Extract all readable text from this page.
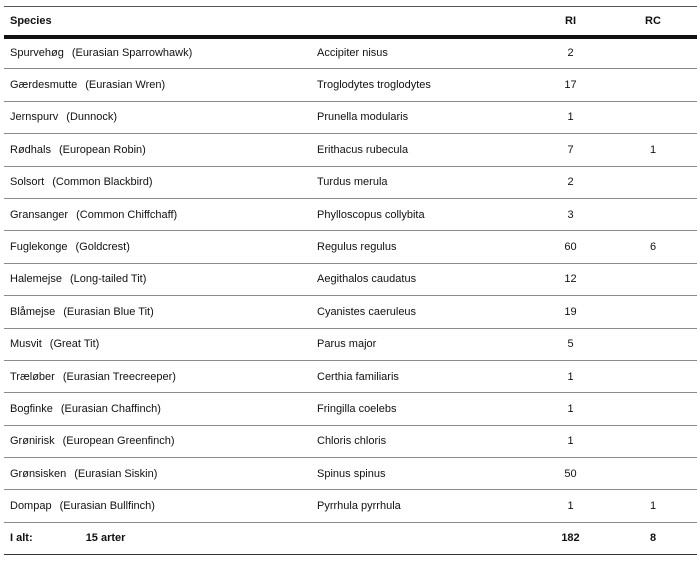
Species		RI	RC
Spurvehøg (Eurasian Sparrowhawk)	Accipiter nisus	2	
Gærdesmutte (Eurasian Wren)	Troglodytes troglodytes	17	
Jernspurv (Dunnock)	Prunella modularis	1	
Rødhals (European Robin)	Erithacus rubecula	7	1
Solsort (Common Blackbird)	Turdus merula	2	
Gransanger (Common Chiffchaff)	Phylloscopus collybita	3	
Fuglekonge (Goldcrest)	Regulus regulus	60	6
Halemejse (Long-tailed Tit)	Aegithalos caudatus	12	
Blåmejse (Eurasian Blue Tit)	Cyanistes caeruleus	19	
Musvit (Great Tit)	Parus major	5	
Træløber (Eurasian Treecreeper)	Certhia familiaris	1	
Bogfinke (Eurasian Chaffinch)	Fringilla coelebs	1	
Grønirisk (European Greenfinch)	Chloris chloris	1	
Grønsisken (Eurasian Siskin)	Spinus spinus	50	
Dompap (Eurasian Bullfinch)	Pyrrhula pyrrhula	1	1
I alt: 15 arter		182	8
